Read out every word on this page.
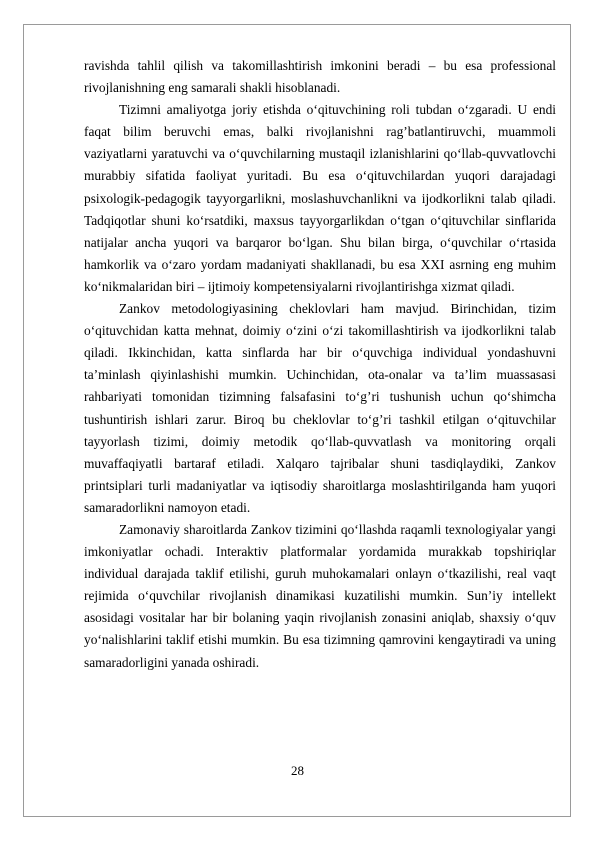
ravishda tahlil qilish va takomillashtirish imkonini beradi – bu esa professional rivojlanishning eng samarali shakli hisoblanadi.

Tizimni amaliyotga joriy etishda o‘qituvchining roli tubdan o‘zgaradi. U endi faqat bilim beruvchi emas, balki rivojlanishni rag’batlantiruvchi, muammoli vaziyatlarni yaratuvchi va o‘quvchilarning mustaqil izlanishlarini qo‘llab-quvvatlovchi murabbiy sifatida faoliyat yuritadi. Bu esa o‘qituvchilardan yuqori darajadagi psixologik-pedagogik tayyorgarlikni, moslashuvchanlikni va ijodkorlikni talab qiladi. Tadqiqotlar shuni ko‘rsatdiki, maxsus tayyorgarlikdan o‘tgan o‘qituvchilar sinflarida natijalar ancha yuqori va barqaror bo‘lgan. Shu bilan birga, o‘quvchilar o‘rtasida hamkorlik va o‘zaro yordam madaniyati shakllanadi, bu esa XXI asrning eng muhim ko‘nikmalaridan biri – ijtimoiy kompetensiyalarni rivojlantirishga xizmat qiladi.

Zankov metodologiyasining cheklovlari ham mavjud. Birinchidan, tizim o‘qituvchidan katta mehnat, doimiy o‘zini o‘zi takomillashtirish va ijodkorlikni talab qiladi. Ikkinchidan, katta sinflarda har bir o‘quvchiga individual yondashuvni ta’minlash qiyinlashishi mumkin. Uchinchidan, ota-onalar va ta’lim muassasasi rahbariyati tomonidan tizimning falsafasini to‘g’ri tushunish uchun qo‘shimcha tushuntirish ishlari zarur. Biroq bu cheklovlar to‘g’ri tashkil etilgan o‘qituvchilar tayyorlash tizimi, doimiy metodik qo‘llab-quvvatlash va monitoring orqali muvaffaqiyatli bartaraf etiladi. Xalqaro tajribalar shuni tasdiqlaydiki, Zankov printsiplari turli madaniyatlar va iqtisodiy sharoitlarga moslashtirilganda ham yuqori samaradorlikni namoyon etadi.

Zamonaviy sharoitlarda Zankov tizimini qo‘llashda raqamli texnologiyalar yangi imkoniyatlar ochadi. Interaktiv platformalar yordamida murakkab topshiriqlar individual darajada taklif etilishi, guruh muhokamalari onlayn o‘tkazilishi, real vaqt rejimida o‘quvchilar rivojlanish dinamikasi kuzatilishi mumkin. Sun’iy intellekt asosidagi vositalar har bir bolaning yaqin rivojlanish zonasini aniqlab, shaxsiy o‘quv yo‘nalishlarini taklif etishi mumkin. Bu esa tizimning qamrovini kengaytiradi va uning samaradorligini yanada oshiradi.

28
